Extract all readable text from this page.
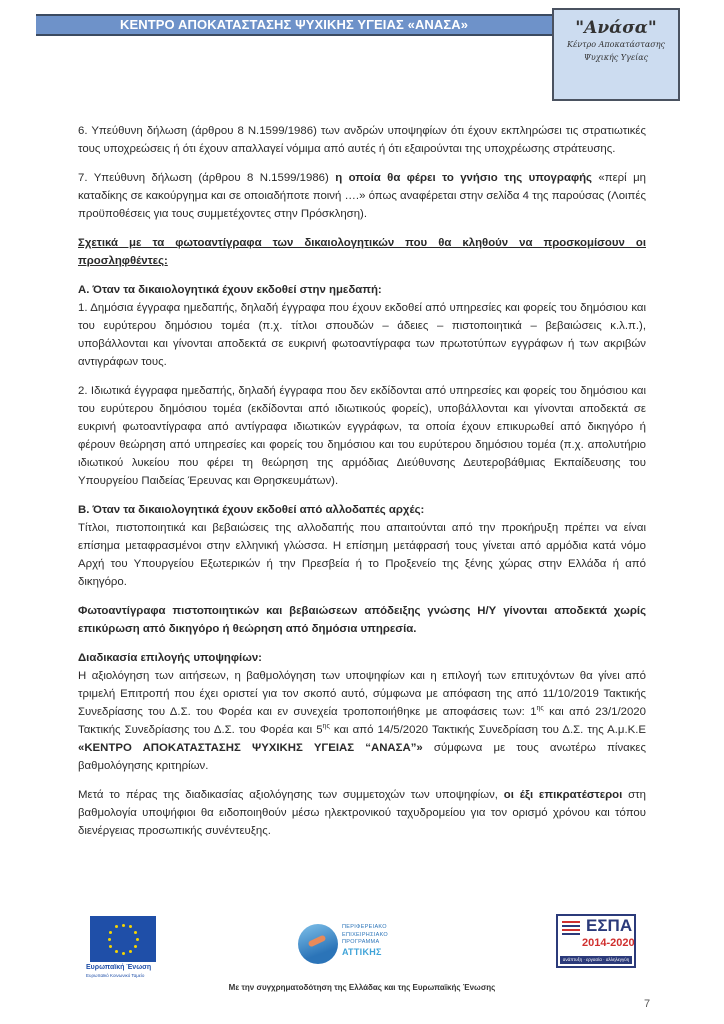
ΚΕΝΤΡΟ ΑΠΟΚΑΤΑΣΤΑΣΗΣ ΨΥΧΙΚΗΣ ΥΓΕΙΑΣ «ΑΝΑΣΑ»	"Ανάσα"
Κέντρο Αποκατάστασης
Ψυχικής Υγείας

6. Υπεύθυνη δήλωση (άρθρου 8 Ν.1599/1986) των ανδρών υποψηφίων ότι έχουν εκπληρώσει τις στρατιωτικές τους υποχρεώσεις ή ότι έχουν απαλλαγεί νόμιμα από αυτές ή ότι εξαιρούνται της υποχρέωσης στράτευσης.

7. Υπεύθυνη δήλωση (άρθρου 8 Ν.1599/1986) η οποία θα φέρει το γνήσιο της υπογραφής «περί μη καταδίκης σε κακούργημα και σε οποιαδήποτε ποινή ….» όπως αναφέρεται στην σελίδα 4 της παρούσας (Λοιπές προϋποθέσεις για τους συμμετέχοντες στην Πρόσκληση).

Σχετικά με τα φωτοαντίγραφα των δικαιολογητικών που θα κληθούν να προσκομίσουν οι προσληφθέντες:

Α. Όταν τα δικαιολογητικά έχουν εκδοθεί στην ημεδαπή:

1. Δημόσια έγγραφα ημεδαπής, δηλαδή έγγραφα που έχουν εκδοθεί από υπηρεσίες και φορείς του δημόσιου και του ευρύτερου δημόσιου τομέα (π.χ. τίτλοι σπουδών – άδειες – πιστοποιητικά – βεβαιώσεις κ.λ.π.), υποβάλλονται και γίνονται αποδεκτά σε ευκρινή φωτοαντίγραφα των πρωτοτύπων εγγράφων ή των ακριβών αντιγράφων τους.

2. Ιδιωτικά έγγραφα ημεδαπής, δηλαδή έγγραφα που δεν εκδίδονται από υπηρεσίες και φορείς του δημόσιου και του ευρύτερου δημόσιου τομέα (εκδίδονται από ιδιωτικούς φορείς), υποβάλλονται και γίνονται αποδεκτά σε ευκρινή φωτοαντίγραφα από αντίγραφα ιδιωτικών εγγράφων, τα οποία έχουν επικυρωθεί από δικηγόρο ή φέρουν θεώρηση από υπηρεσίες και φορείς του δημόσιου και του ευρύτερου δημόσιου τομέα (π.χ. απολυτήριο ιδιωτικού λυκείου που φέρει τη θεώρηση της αρμόδιας Διεύθυνσης Δευτεροβάθμιας Εκπαίδευσης του Υπουργείου Παιδείας Έρευνας και Θρησκευμάτων).

Β. Όταν τα δικαιολογητικά έχουν εκδοθεί από αλλοδαπές αρχές:

Τίτλοι, πιστοποιητικά και βεβαιώσεις της αλλοδαπής που απαιτούνται από την προκήρυξη πρέπει να είναι επίσημα μεταφρασμένοι στην ελληνική γλώσσα. Η επίσημη μετάφρασή τους γίνεται από αρμόδια κατά νόμο Αρχή του Υπουργείου Εξωτερικών ή την Πρεσβεία ή το Προξενείο της ξένης χώρας στην Ελλάδα ή από δικηγόρο.

Φωτοαντίγραφα πιστοποιητικών και βεβαιώσεων απόδειξης γνώσης Η/Υ γίνονται αποδεκτά χωρίς επικύρωση από δικηγόρο ή θεώρηση από δημόσια υπηρεσία.

Διαδικασία επιλογής υποψηφίων:

Η αξιολόγηση των αιτήσεων, η βαθμολόγηση των υποψηφίων και η επιλογή των επιτυχόντων θα γίνει από τριμελή Επιτροπή που έχει οριστεί για τον σκοπό αυτό, σύμφωνα με απόφαση της από 11/10/2019 Τακτικής Συνεδρίασης του Δ.Σ. του Φορέα και εν συνεχεία τροποποιήθηκε με αποφάσεις των: $1^{\eta\varsigma}$ και από 23/1/2020 Τακτικής Συνεδρίασης του Δ.Σ. του Φορέα και $5^{\eta\varsigma}$ και από 14/5/2020 Τακτικής Συνεδρίαση του Δ.Σ. της Α.μ.Κ.Ε «ΚΕΝΤΡΟ ΑΠΟΚΑΤΑΣΤΑΣΗΣ ΨΥΧΙΚΗΣ ΥΓΕΙΑΣ “ΑΝΑΣΑ”» σύμφωνα με τους ανωτέρω πίνακες βαθμολόγησης κριτηρίων.

Μετά το πέρας της διαδικασίας αξιολόγησης των συμμετοχών των υποψηφίων, οι έξι επικρατέστεροι στη βαθμολογία υποψήφιοι θα ειδοποιηθούν μέσω ηλεκτρονικού ταχυδρομείου για τον ορισμό χρόνου και τόπου διενέργειας προσωπικής συνέντευξης.

Ευρωπαϊκή Ένωση
Ευρωπαϊκό Κοινωνικό Ταμείο
ΠΕΡΙΦΕΡΕΙΑΚΟ
ΕΠΙΧΕΙΡΗΣΙΑΚΟ
ΠΡΟΓΡΑΜΜΑ
ΑΤΤΙΚΗΣ
ΕΣΠΑ
2014-2020
ανάπτυξη · εργασία · αλληλεγγύη
Με την συγχρηματοδότηση της Ελλάδας και της Ευρωπαϊκής Ένωσης
7
